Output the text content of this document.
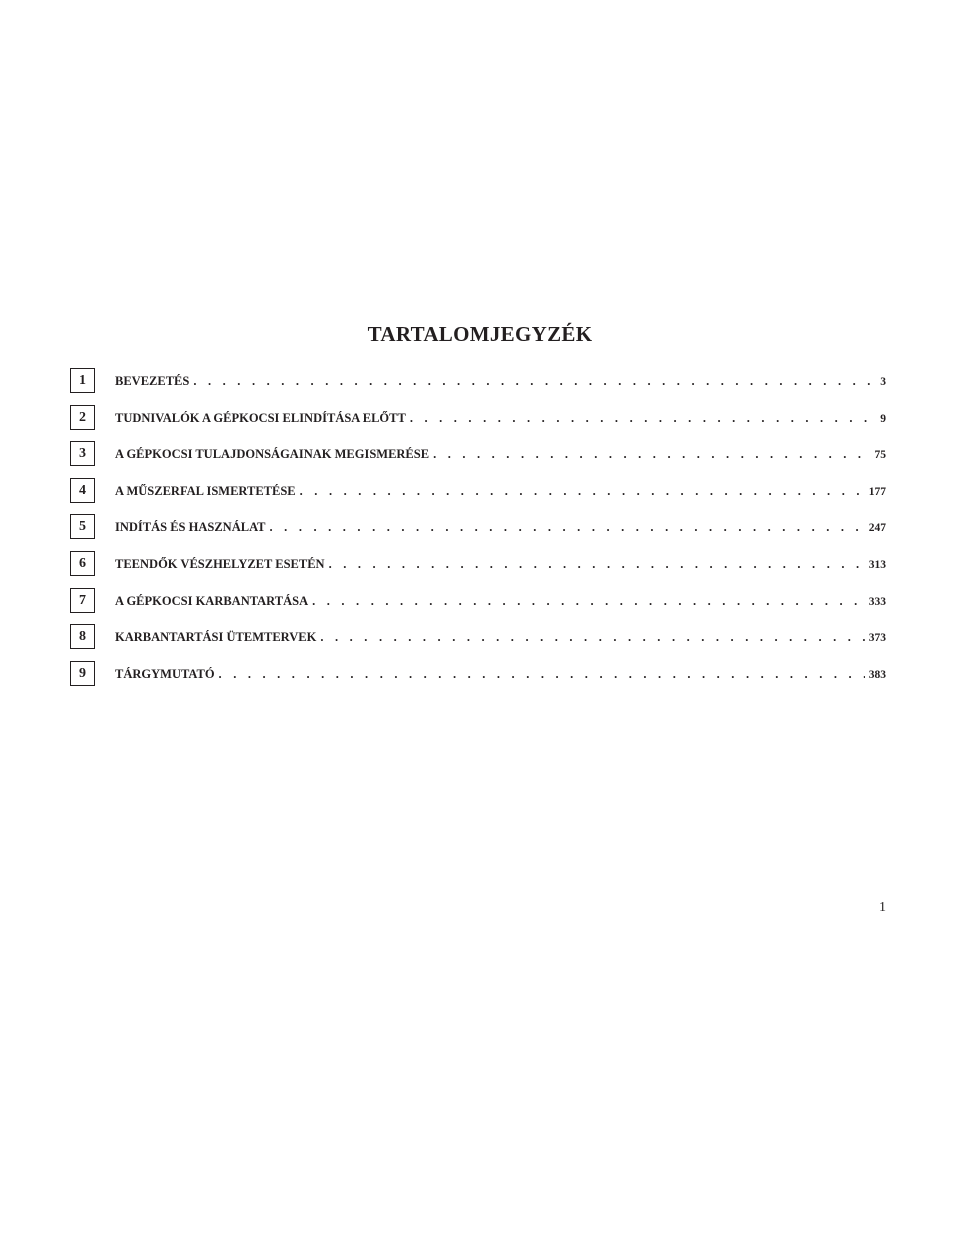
TARTALOMJEGYZÉK
1	BEVEZETÉS . . .	3
2	TUDNIVALÓK A GÉPKOCSI ELINDÍTÁSA ELŐTT . . .	9
3	A GÉPKOCSI TULAJDONSÁGAINAK MEGISMERÉSE . . .	75
4	A MŰSZERFAL ISMERTETÉSE . . .	177
5	INDÍTÁS ÉS HASZNÁLAT . . .	247
6	TEENDŐK VÉSZHELYZET ESETÉN . . .	313
7	A GÉPKOCSI KARBANTARTÁSA . . .	333
8	KARBANTARTÁSI ÜTEMTERVEK . . .	373
9	TÁRGYMUTATÓ . . .	383
1
